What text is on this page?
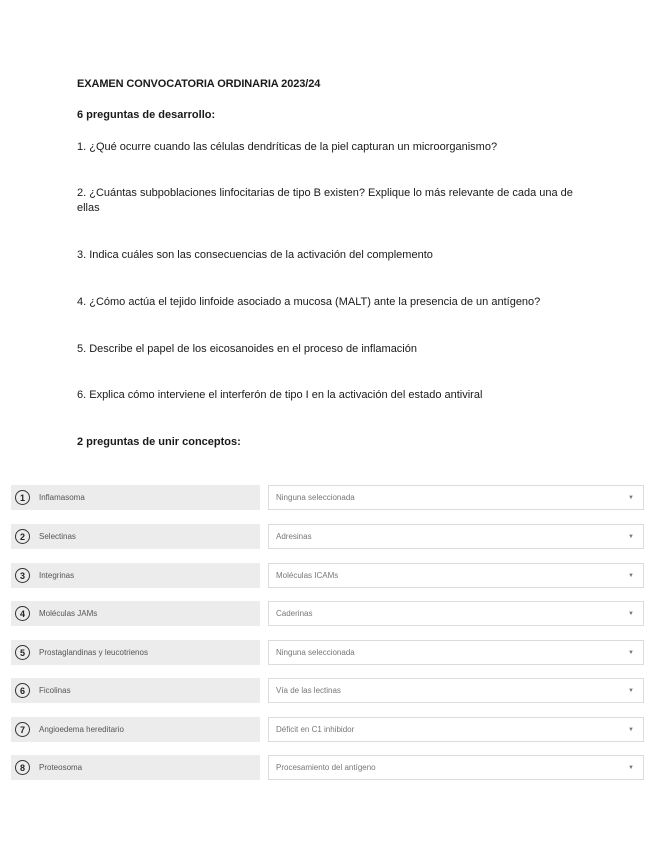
EXAMEN CONVOCATORIA ORDINARIA 2023/24
6 preguntas de desarrollo:
1. ¿Qué ocurre cuando las células dendríticas de la piel capturan un microorganismo?
2. ¿Cuántas subpoblaciones linfocitarias de tipo B existen? Explique lo más relevante de cada una de ellas
3. Indica cuáles son las consecuencias de la activación del complemento
4. ¿Cómo actúa el tejido linfoide asociado a mucosa (MALT) ante la presencia de un antígeno?
5. Describe el papel de los eicosanoides en el proceso de inflamación
6. Explica cómo interviene el interferón de tipo I en la activación del estado antiviral
2 preguntas de unir conceptos:
1	Inflamasoma	Ninguna seleccionada	▼
2	Selectinas	Adresinas	▼
3	Integrinas	Moléculas ICAMs	▼
4	Moléculas JAMs	Caderinas	▼
5	Prostaglandinas y leucotrienos	Ninguna seleccionada	▼
6	Ficolinas	Vía de las lectinas	▼
7	Angioedema hereditario	Déficit en C1 inhibidor	▼
8	Proteosoma	Procesamiento del antígeno	▼
